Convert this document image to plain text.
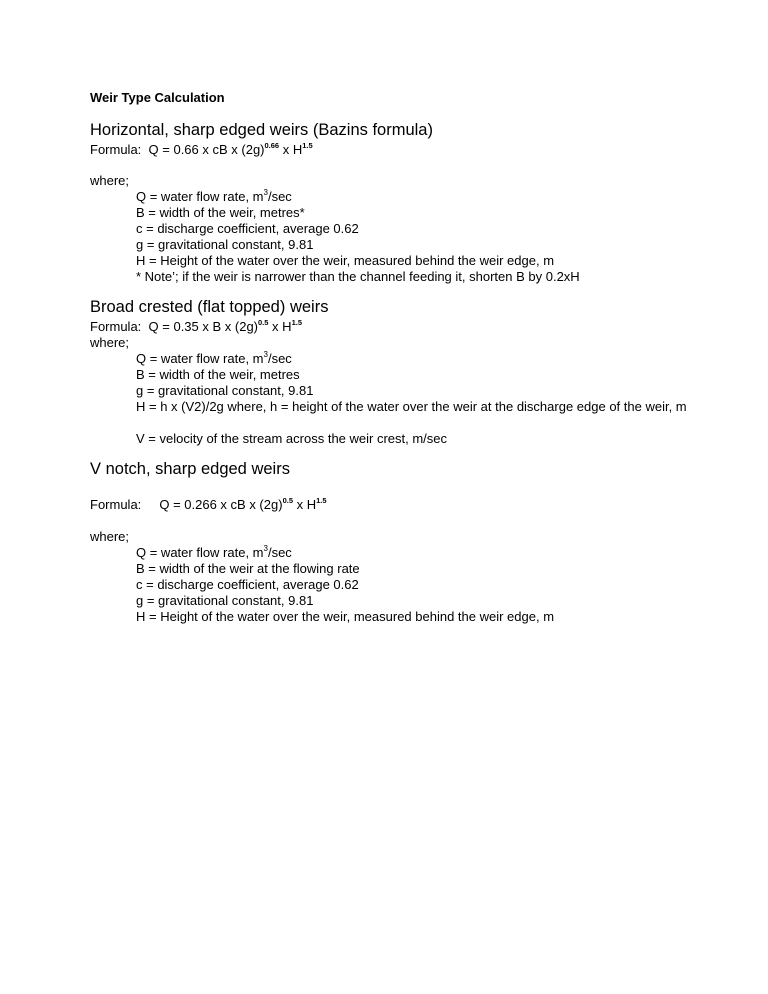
Weir Type Calculation
Horizontal, sharp edged weirs (Bazins formula)
Formula: Q = 0.66 x cB x $(2g)^{0.66}$ x $H^{1.5}$
where;
Q = water flow rate, $m^3/\sec$
B = width of the weir, metres*
c = discharge coefficient, average 0.62
g = gravitational constant, 9.81
H = Height of the water over the weir, measured behind the weir edge, m
* Note’; if the weir is narrower than the channel feeding it, shorten B by 0.2xH
Broad crested (flat topped) weirs
Formula: Q = 0.35 x B x $(2g)^{0.5}$ x $H^{1.5}$
where;
Q = water flow rate, $m^3/\sec$
B = width of the weir, metres
g = gravitational constant, 9.81
H = h x (V2)/2g where, h = height of the water over the weir at the discharge edge of the weir, m
V = velocity of the stream across the weir crest, m/sec
V notch, sharp edged weirs
Formula: Q = 0.266 x cB x $(2g)^{0.5}$ x $H^{1.5}$
where;
Q = water flow rate, $m^3/\sec$
B = width of the weir at the flowing rate
c = discharge coefficient, average 0.62
g = gravitational constant, 9.81
H = Height of the water over the weir, measured behind the weir edge, m
